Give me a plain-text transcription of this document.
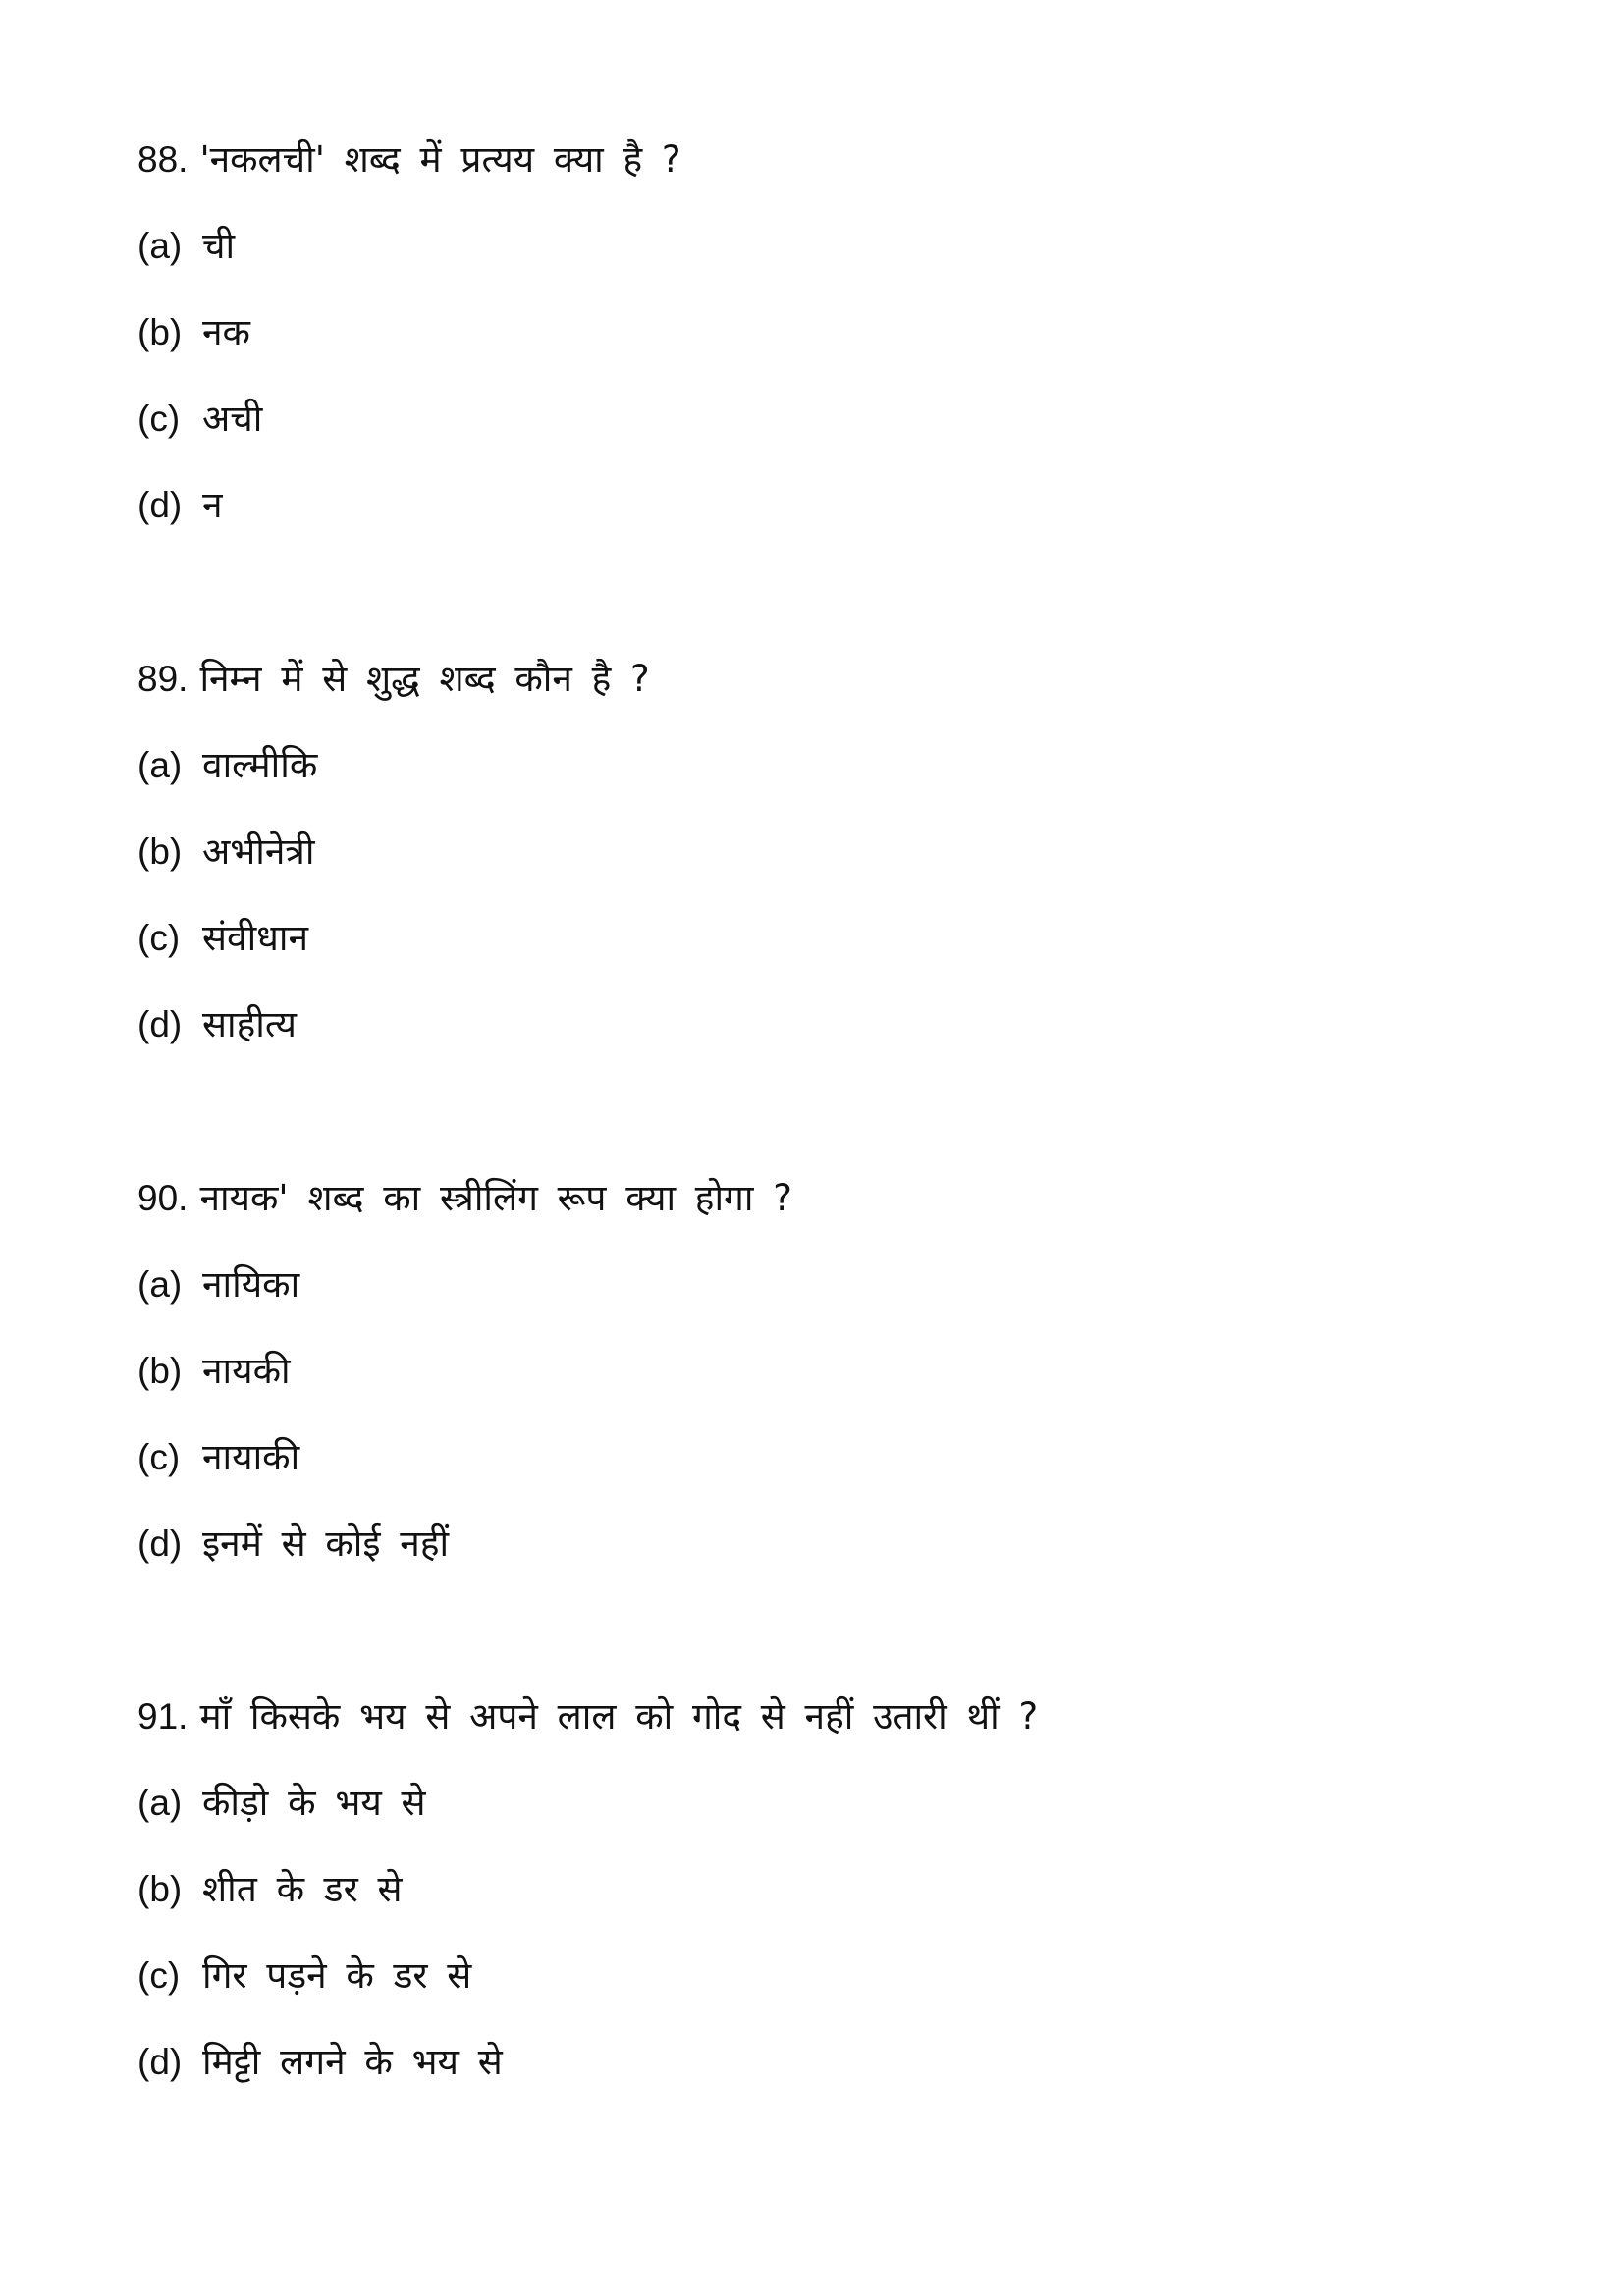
88. 'नकलची' शब्द में प्रत्यय क्या है ?
(a) ची
(b) नक
(c) अची
(d) न
89. निम्न में से शुद्ध शब्द कौन है ?
(a) वाल्मीकि
(b) अभीनेत्री
(c) संवीधान
(d) साहीत्य
90. नायक' शब्द का स्त्रीलिंग रूप क्या होगा ?
(a) नायिका
(b) नायकी
(c) नायाकी
(d) इनमें से कोई नहीं
91. माँ किसके भय से अपने लाल को गोद से नहीं उतारी थीं ?
(a) कीड़ो के भय से
(b) शीत के डर से
(c) गिर पड़ने के डर से
(d) मिट्टी लगने के भय से
